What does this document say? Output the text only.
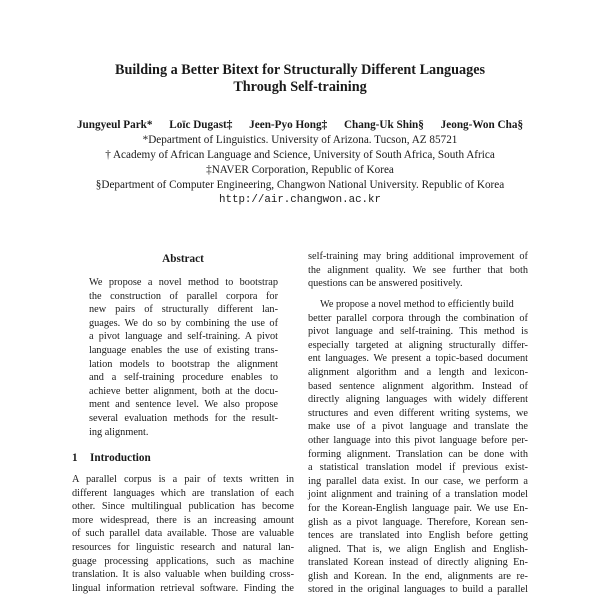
Building a Better Bitext for Structurally Different Languages
Through Self-training
Jungyeul Park* Loïc Dugast‡ Jeen-Pyo Hong‡ Chang-Uk Shin§ Jeong-Won Cha§
*Department of Linguistics. University of Arizona. Tucson, AZ 85721
† Academy of African Language and Science, University of South Africa, South Africa
‡NAVER Corporation, Republic of Korea
§Department of Computer Engineering, Changwon National University. Republic of Korea
http://air.changwon.ac.kr
Abstract
We propose a novel method to bootstrap
the construction of parallel corpora for
new pairs of structurally different lan-
guages. We do so by combining the use of
a pivot language and self-training. A pivot
language enables the use of existing trans-
lation models to bootstrap the alignment
and a self-training procedure enables to
achieve better alignment, both at the docu-
ment and sentence level. We also propose
several evaluation methods for the result-
ing alignment.
1 Introduction
A parallel corpus is a pair of texts written in
different languages which are translation of each
other. Since multilingual publication has become
more widespread, there is an increasing amount
of such parallel data available. Those are valuable
resources for linguistic research and natural lan-
guage processing applications, such as machine
translation. It is also valuable when building cross-
lingual information retrieval software. Finding the
self-training may bring additional improvement of
the alignment quality. We see further that both
questions can be answered positively.
We propose a novel method to efficiently build
better parallel corpora through the combination of
pivot language and self-training. This method is
especially targeted at aligning structurally differ-
ent languages. We present a topic-based document
alignment algorithm and a length and lexicon-
based sentence alignment algorithm. Instead of
directly aligning languages with widely different
structures and even different writing systems, we
make use of a pivot language and translate the
other language into this pivot language before per-
forming alignment. Translation can be done with
a statistical translation model if previous exist-
ing parallel data exist. In our case, we perform a
joint alignment and training of a translation model
for the Korean-English language pair. We use En-
glish as a pivot language. Therefore, Korean sen-
tences are translated into English before getting
aligned. That is, we align English and English-
translated Korean instead of directly aligning En-
glish and Korean. In the end, alignments are re-
stored in the original languages to build a parallel
